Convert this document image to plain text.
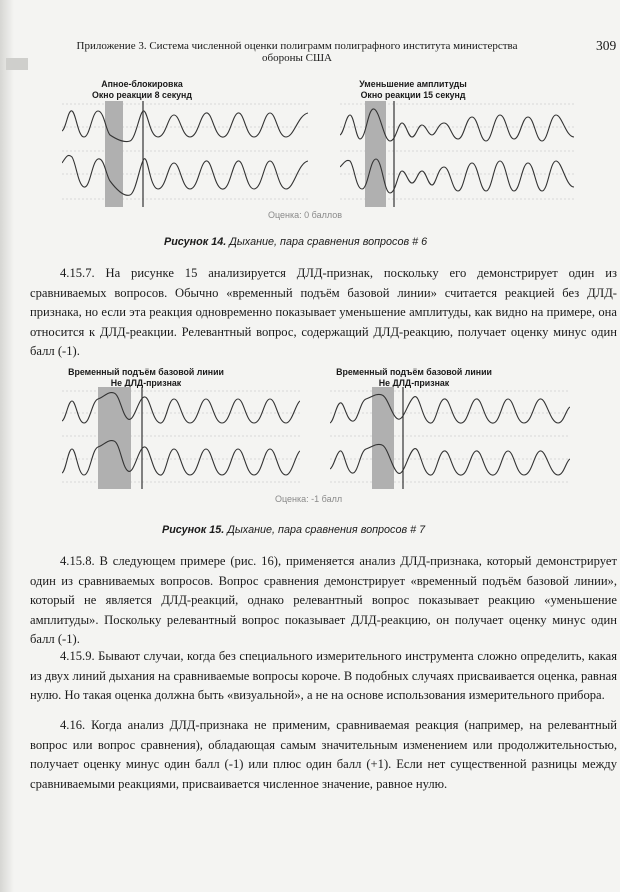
Приложение 3. Система численной оценки полиграмм полиграфного института министерства обороны США
309
Апное-блокировка
Окно реакции 8 секунд
Уменьшение амплитуды
Окно реакции 15 секунд
Оценка: 0 баллов
Рисунок 14. Дыхание, пара сравнения вопросов # 6

4.15.7. На рисунке 15 анализируется ДЛД-признак, поскольку его демонстрирует один из сравниваемых вопросов. Обычно «временный подъём базовой линии» считается реакцией без ДЛД-признака, но если эта реакция одновременно показывает уменьшение амплитуды, как видно на примере, она относится к ДЛД-реакции. Релевантный вопрос, содержащий ДЛД-реакцию, получает оценку минус один балл (-1).

Временный подъём базовой линии
Не ДЛД-признак
Временный подъём базовой линии
Не ДЛД-признак
Оценка: -1 балл
Рисунок 15. Дыхание, пара сравнения вопросов # 7

4.15.8. В следующем примере (рис. 16), применяется анализ ДЛД-признака, который демонстрирует один из сравниваемых вопросов. Вопрос сравнения демонстрирует «временный подъём базовой линии», который не является ДЛД-реакций, однако релевантный вопрос показывает реакцию «уменьшение амплитуды». Поскольку релевантный вопрос показывает ДЛД-реакцию, он получает оценку минус один балл (-1).

4.15.9. Бывают случаи, когда без специального измерительного инструмента сложно определить, какая из двух линий дыхания на сравниваемые вопросы короче. В подобных случаях присваивается оценка, равная нулю. Но такая оценка должна быть «визуальной», а не на основе использования измерительного прибора.

4.16. Когда анализ ДЛД-признака не применим, сравниваемая реакция (например, на релевантный вопрос или вопрос сравнения), обладающая самым значительным изменением или продолжительностью, получает оценку минус один балл (-1) или плюс один балл (+1). Если нет существенной разницы между сравниваемыми реакциями, присваивается численное значение, равное нулю.
